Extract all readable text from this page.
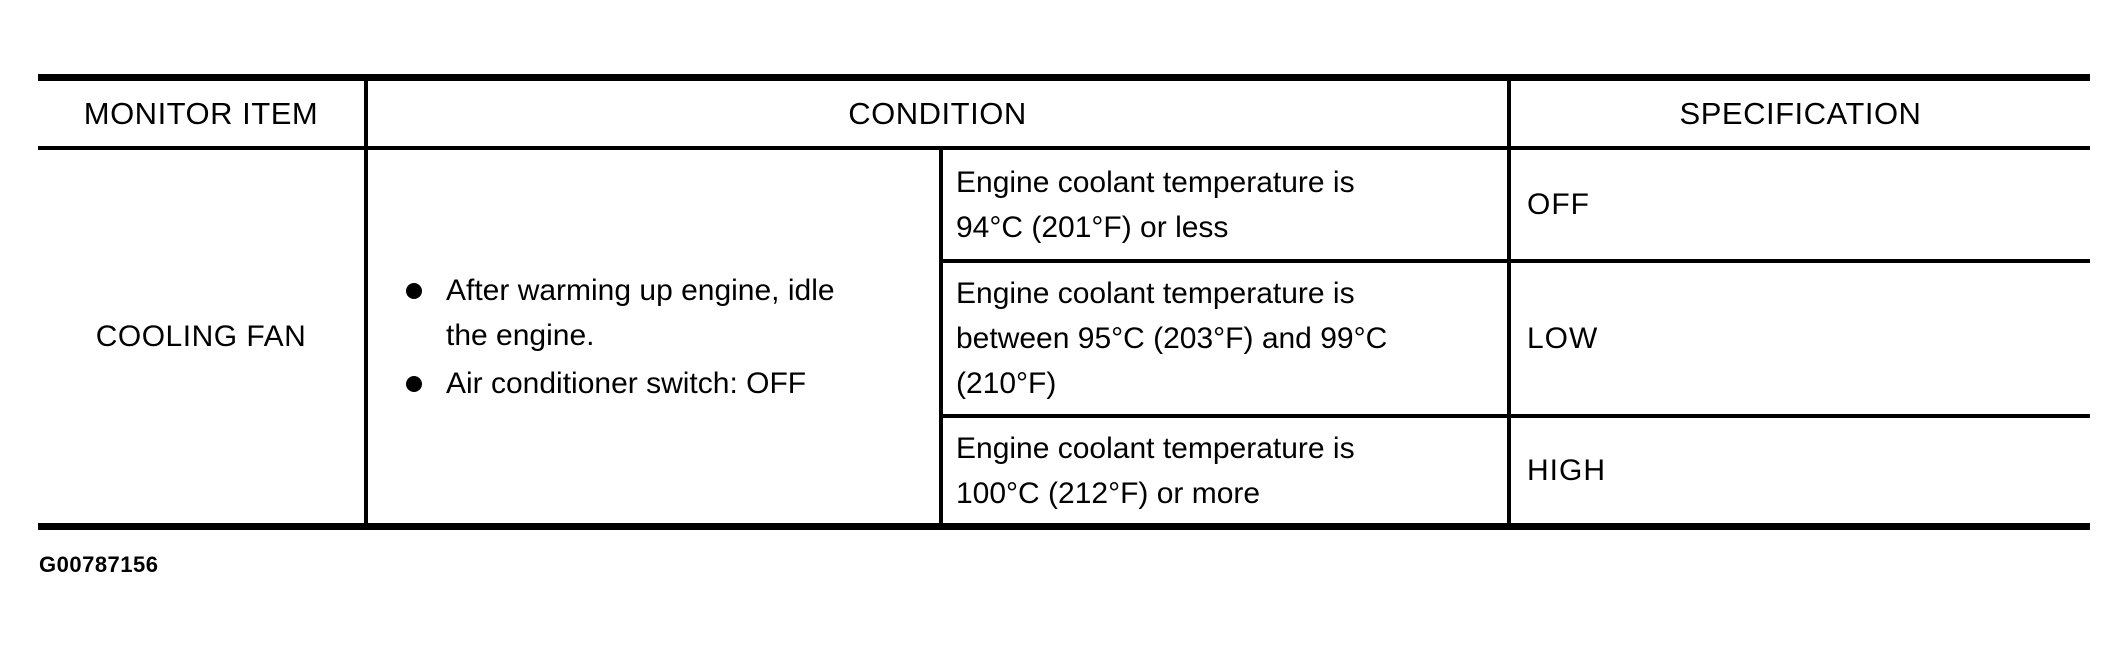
MONITOR ITEM	CONDITION	SPECIFICATION
COOLING FAN
After warming up engine, idle the engine.
Air conditioner switch: OFF
Engine coolant temperature is 94°C (201°F) or less
OFF
Engine coolant temperature is between 95°C (203°F) and 99°C (210°F)
LOW
Engine coolant temperature is 100°C (212°F) or more
HIGH
G00787156
